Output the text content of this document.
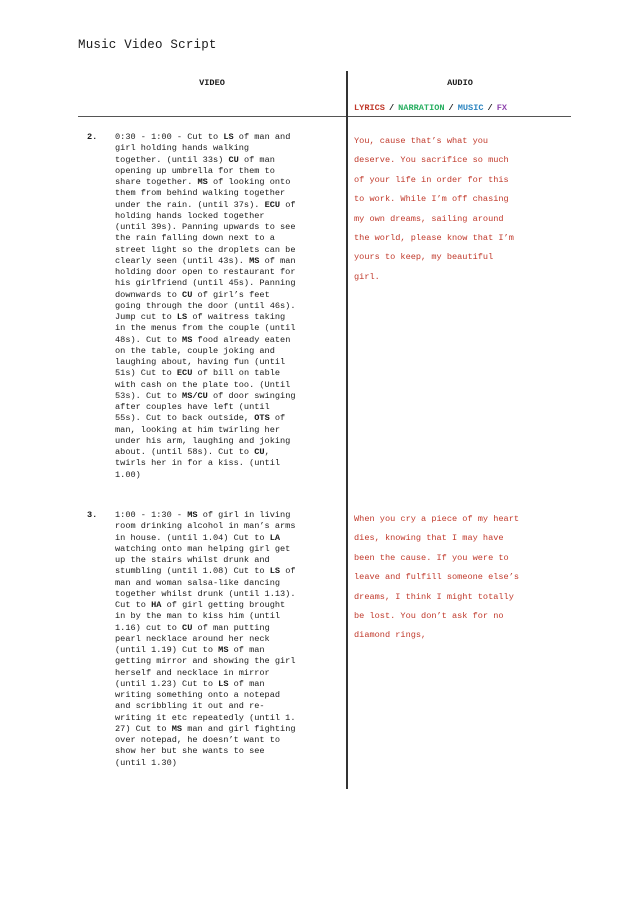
Music Video Script
VIDEO	AUDIO
LYRICS / NARRATION / MUSIC / FX
2. 0:30 - 1:00 - Cut to LS of man and
girl holding hands walking
together. (until 33s) CU of man
opening up umbrella for them to
share together. MS of looking onto
them from behind walking together
under the rain. (until 37s). ECU of
holding hands locked together
(until 39s). Panning upwards to see
the rain falling down next to a
street light so the droplets can be
clearly seen (until 43s). MS of man
holding door open to restaurant for
his girlfriend (until 45s). Panning
downwards to CU of girl’s feet
going through the door (until 46s).
Jump cut to LS of waitress taking
in the menus from the couple (until
48s). Cut to MS food already eaten
on the table, couple joking and
laughing about, having fun (until
51s) Cut to ECU of bill on table
with cash on the plate too. (Until
53s). Cut to MS/CU of door swinging
after couples have left (until
55s). Cut to back outside, OTS of
man, looking at him twirling her
under his arm, laughing and joking
about. (until 58s). Cut to CU,
twirls her in for a kiss. (until
1.00)
You, cause that’s what you
deserve. You sacrifice so much
of your life in order for this
to work. While I’m off chasing
my own dreams, sailing around
the world, please know that I’m
yours to keep, my beautiful
girl.
3. 1:00 - 1:30 - MS of girl in living
room drinking alcohol in man’s arms
in house. (until 1.04) Cut to LA
watching onto man helping girl get
up the stairs whilst drunk and
stumbling (until 1.08) Cut to LS of
man and woman salsa-like dancing
together whilst drunk (until 1.13).
Cut to HA of girl getting brought
in by the man to kiss him (until
1.16) cut to CU of man putting
pearl necklace around her neck
(until 1.19) Cut to MS of man
getting mirror and showing the girl
herself and necklace in mirror
(until 1.23) Cut to LS of man
writing something onto a notepad
and scribbling it out and re-
writing it etc repeatedly (until 1.
27) Cut to MS man and girl fighting
over notepad, he doesn’t want to
show her but she wants to see
(until 1.30)
When you cry a piece of my heart
dies, knowing that I may have
been the cause. If you were to
leave and fulfill someone else’s
dreams, I think I might totally
be lost. You don’t ask for no
diamond rings,
